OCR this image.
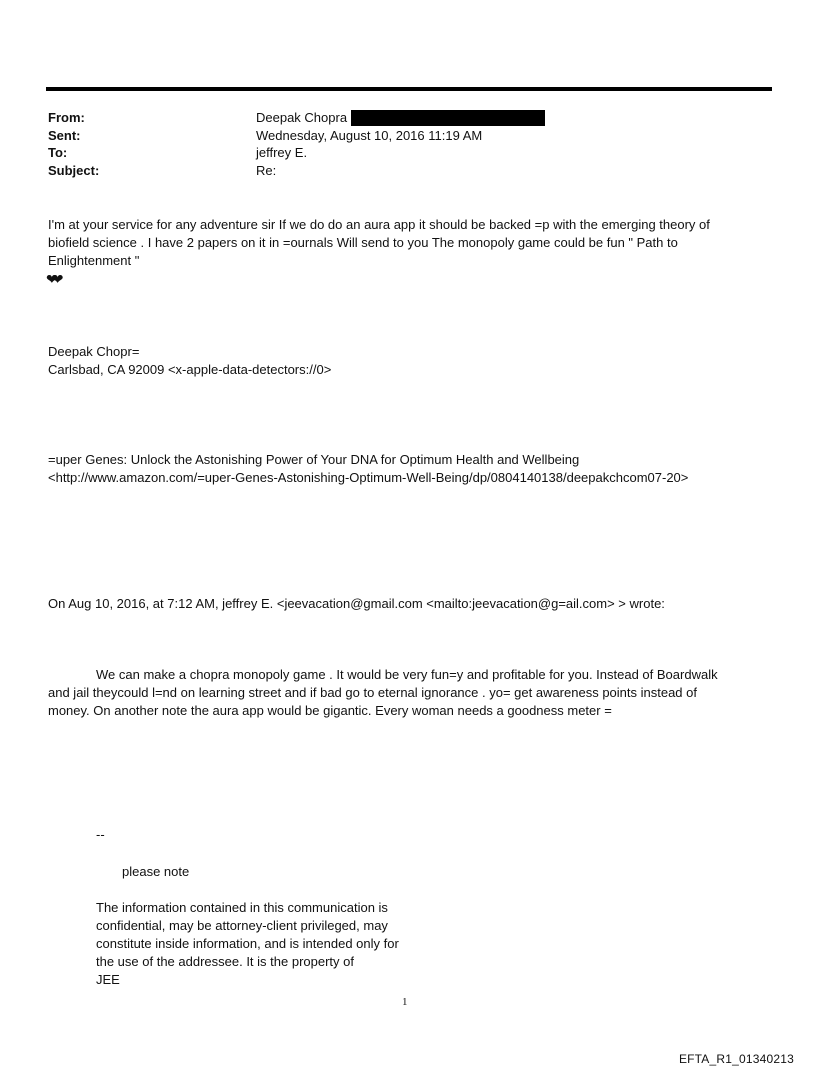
From:	Deepak Chopra
Sent:	Wednesday, August 10, 2016 11:19 AM
To:	jeffrey E.
Subject:	Re:
I'm at your service for any adventure sir If we do do an aura app it should be backed =p with the emerging theory of
biofield science . I have 2 papers on it in =ournals Will send to you The monopoly game could be fun " Path to
Enlightenment "
❤❤
Deepak Chopr=
Carlsbad, CA 92009 <x-apple-data-detectors://0>
=uper Genes: Unlock the Astonishing Power of Your DNA for Optimum Health and Wellbeing
<http://www.amazon.com/=uper-Genes-Astonishing-Optimum-Well-Being/dp/0804140138/deepakchcom07-20>
On Aug 10, 2016, at 7:12 AM, jeffrey E. <jeevacation@gmail.com <mailto:jeevacation@g=ail.com> > wrote:
We can make a chopra monopoly game . It would be very fun=y and profitable for you. Instead of Boardwalk
and jail theycould l=nd on learning street and if bad go to eternal ignorance . yo= get awareness points instead of
money. On another note the aura app would be gigantic. Every woman needs a goodness meter =
--
please note
The information contained in this communication is
confidential, may be attorney-client privileged, may
constitute inside information, and is intended only for
the use of the addressee. It is the property of
JEE
1
EFTA_R1_01340213
